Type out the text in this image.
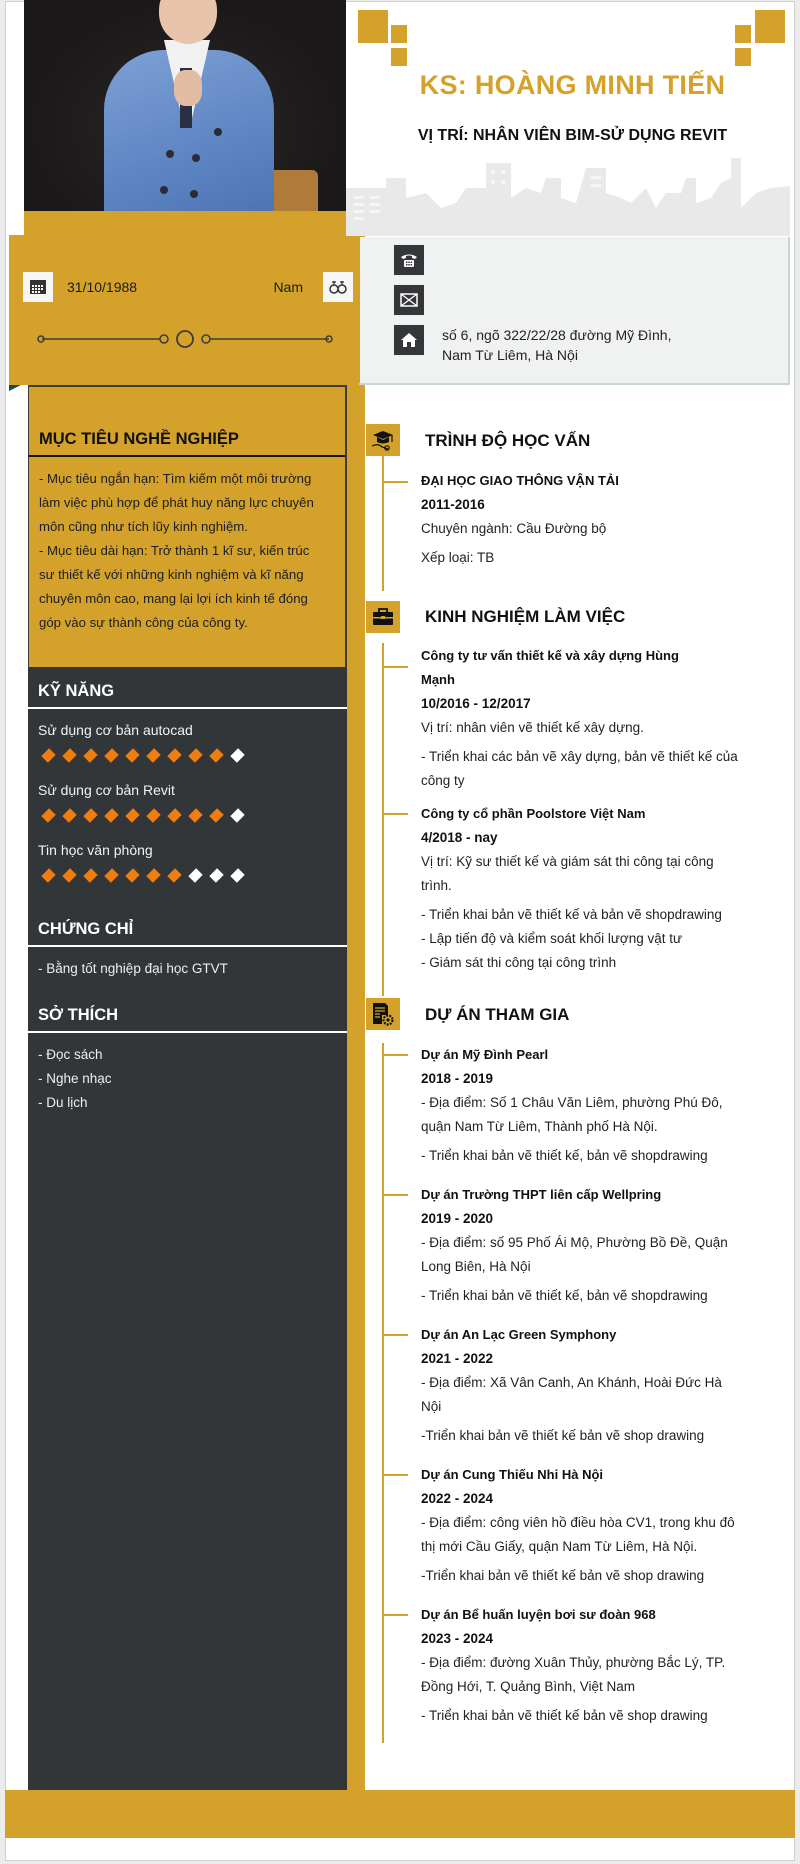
31/10/1988	Nam
KS: HOÀNG MINH TIẾN
VỊ TRÍ: NHÂN VIÊN BIM-SỬ DỤNG REVIT
số 6, ngõ 322/22/28 đường Mỹ Đình,
Nam Từ Liêm, Hà Nội
MỤC TIÊU NGHỀ NGHIỆP
- Mục tiêu ngắn hạn: Tìm kiếm một môi trường
làm việc phù hợp để phát huy năng lực chuyên
môn cũng như tích lũy kinh nghiệm.
- Mục tiêu dài hạn: Trở thành 1 kĩ sư, kiến trúc
sư thiết kế với những kinh nghiệm và kĩ năng
chuyên môn cao, mang lại lợi ích kinh tế đóng
góp vào sự thành công của công ty.
KỸ NĂNG
Sử dụng cơ bản autocad
Sử dụng cơ bản Revit
Tin học văn phòng
CHỨNG CHỈ
- Bằng tốt nghiệp đại học GTVT
SỞ THÍCH
- Đọc sách
- Nghe nhạc
- Du lịch
TRÌNH ĐỘ HỌC VẤN
ĐẠI HỌC GIAO THÔNG VẬN TẢI
2011-2016
Chuyên ngành: Cầu Đường bộ
Xếp loại: TB
KINH NGHIỆM LÀM VIỆC
Công ty tư vấn thiết kế và xây dựng Hùng
Mạnh
10/2016 - 12/2017
Vị trí: nhân viên vẽ thiết kế xây dựng.
- Triển khai các bản vẽ xây dựng, bản vẽ thiết kế của
công ty
Công ty cổ phần Poolstore Việt Nam
4/2018 - nay
Vị trí: Kỹ sư thiết kế và giám sát thi công tại công
trình.
- Triển khai bản vẽ thiết kế và bản vẽ shopdrawing
- Lập tiến độ và kiểm soát khối lượng vật tư
- Giám sát thi công tại công trình
DỰ ÁN THAM GIA
Dự án Mỹ Đình Pearl
2018 - 2019
- Địa điểm: Số 1 Châu Văn Liêm, phường Phú Đô,
quận Nam Từ Liêm, Thành phố Hà Nội.
- Triển khai bản vẽ thiết kế, bản vẽ shopdrawing
Dự án Trường THPT liên cấp Wellpring
2019 - 2020
- Địa điểm: số 95 Phố Ái Mộ, Phường Bồ Đề, Quận
Long Biên, Hà Nội
- Triển khai bản vẽ thiết kế, bản vẽ shopdrawing
Dự án An Lạc Green Symphony
2021 - 2022
- Địa điểm: Xã Vân Canh, An Khánh, Hoài Đức Hà
Nội
-Triển khai bản vẽ thiết kế bản vẽ shop drawing
Dự án Cung Thiếu Nhi Hà Nội
2022 - 2024
- Địa điểm: công viên hồ điều hòa CV1, trong khu đô
thị mới Cầu Giấy, quận Nam Từ Liêm, Hà Nội.
-Triển khai bản vẽ thiết kế bản vẽ shop drawing
Dự án Bể huấn luyện bơi sư đoàn 968
2023 - 2024
- Địa điểm: đường Xuân Thủy, phường Bắc Lý, TP.
Đồng Hới, T. Quảng Bình, Việt Nam
- Triển khai bản vẽ thiết kế bản vẽ shop drawing
